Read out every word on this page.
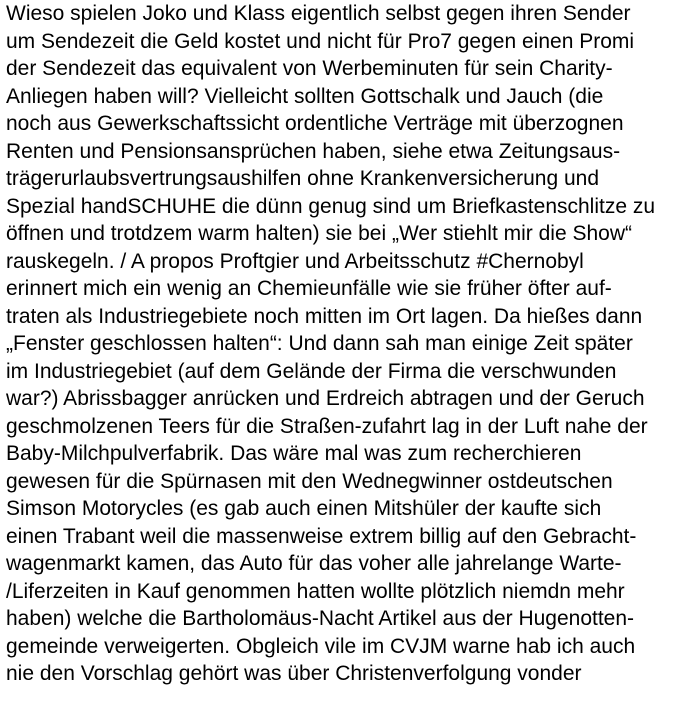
Wieso spielen Joko und Klass eigentlich selbst gegen ihren Sender
um Sendezeit die Geld kostet und nicht für Pro7 gegen einen Promi
der Sendezeit das equivalent von Werbeminuten für sein Charity-
Anliegen haben will? Vielleicht sollten Gottschalk und Jauch (die
noch aus Gewerkschaftssicht ordentliche Verträge mit überzognen
Renten und Pensionsansprüchen haben, siehe etwa Zeitungsaus-
trägerurlaubsvertrungsaushilfen ohne Krankenversicherung und
Spezial handSCHUHE die dünn genug sind um Briefkastenschlitze zu
öffnen und trotdzem warm halten) sie bei „Wer stiehlt mir die Show“
rauskegeln. / A propos Proftgier und Arbeitsschutz #Chernobyl
erinnert mich ein wenig an Chemieunfälle wie sie früher öfter auf-
traten als Industriegebiete noch mitten im Ort lagen. Da hießes dann
„Fenster geschlossen halten“: Und dann sah man einige Zeit später
im Industriegebiet (auf dem Gelände der Firma die verschwunden
war?) Abrissbagger anrücken und Erdreich abtragen und der Geruch
geschmolzenen Teers für die Straßen-zufahrt lag in der Luft nahe der
Baby-Milchpulverfabrik. Das wäre mal was zum recherchieren
gewesen für die Spürnasen mit den Wednegwinner ostdeutschen
Simson Motorycles (es gab auch einen Mitshüler der kaufte sich
einen Trabant weil die massenweise extrem billig auf den Gebracht-
wagenmarkt kamen, das Auto für das voher alle jahrelange Warte-
/Liferzeiten in Kauf genommen hatten wollte plötzlich niemdn mehr
haben) welche die Bartholomäus-Nacht Artikel aus der Hugenotten-
gemeinde verweigerten. Obgleich vile im CVJM warne hab ich auch
nie den Vorschlag gehört was über Christenverfolgung vonder
